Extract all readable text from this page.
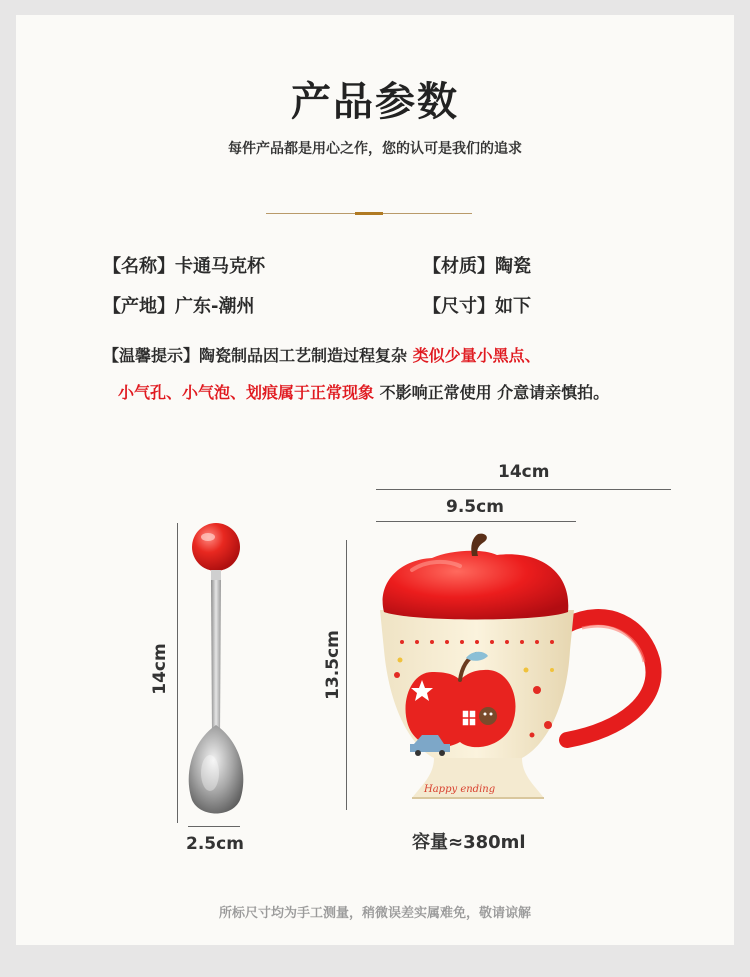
产品参数
每件产品都是用心之作，您的认可是我们的追求
【名称】卡通马克杯	【材质】陶瓷
【产地】广东-潮州	【尺寸】如下
【温馨提示】陶瓷制品因工艺制造过程复杂 类似少量小黑点、
小气孔、小气泡、划痕属于正常现象 不影响正常使用 介意请亲慎拍。
14cm
9.5cm
13.5cm
14cm
2.5cm	容量≈380ml
Happy ending
所标尺寸均为手工测量，稍微误差实属难免，敬请谅解
